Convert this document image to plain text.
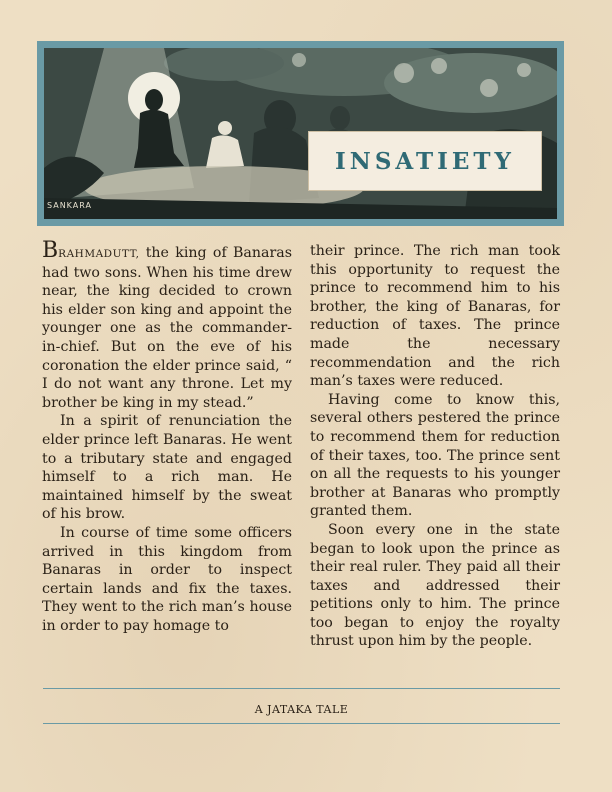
SANKARA
INSATIETY

BRAHMADUTT, the king of Banaras had two sons. When his time drew near, the king decided to crown his elder son king and appoint the younger one as the commander-in-chief. But on the eve of his coronation the elder prince said, “ I do not want any throne. Let my brother be king in my stead.”

In a spirit of renunciation the elder prince left Banaras. He went to a tributary state and engaged himself to a rich man. He maintained himself by the sweat of his brow.

In course of time some officers arrived in this kingdom from Banaras in order to inspect certain lands and fix the taxes. They went to the rich man’s house in order to pay homage to

their prince. The rich man took this opportunity to request the prince to recommend him to his brother, the king of Banaras, for reduction of taxes. The prince made the necessary recommendation and the rich man’s taxes were reduced.

Having come to know this, several others pestered the prince to recommend them for reduction of their taxes, too. The prince sent on all the requests to his younger brother at Banaras who promptly granted them.

Soon every one in the state began to look upon the prince as their real ruler. They paid all their taxes and addressed their petitions only to him. The prince too began to enjoy the royalty thrust upon him by the people.

A JATAKA TALE
